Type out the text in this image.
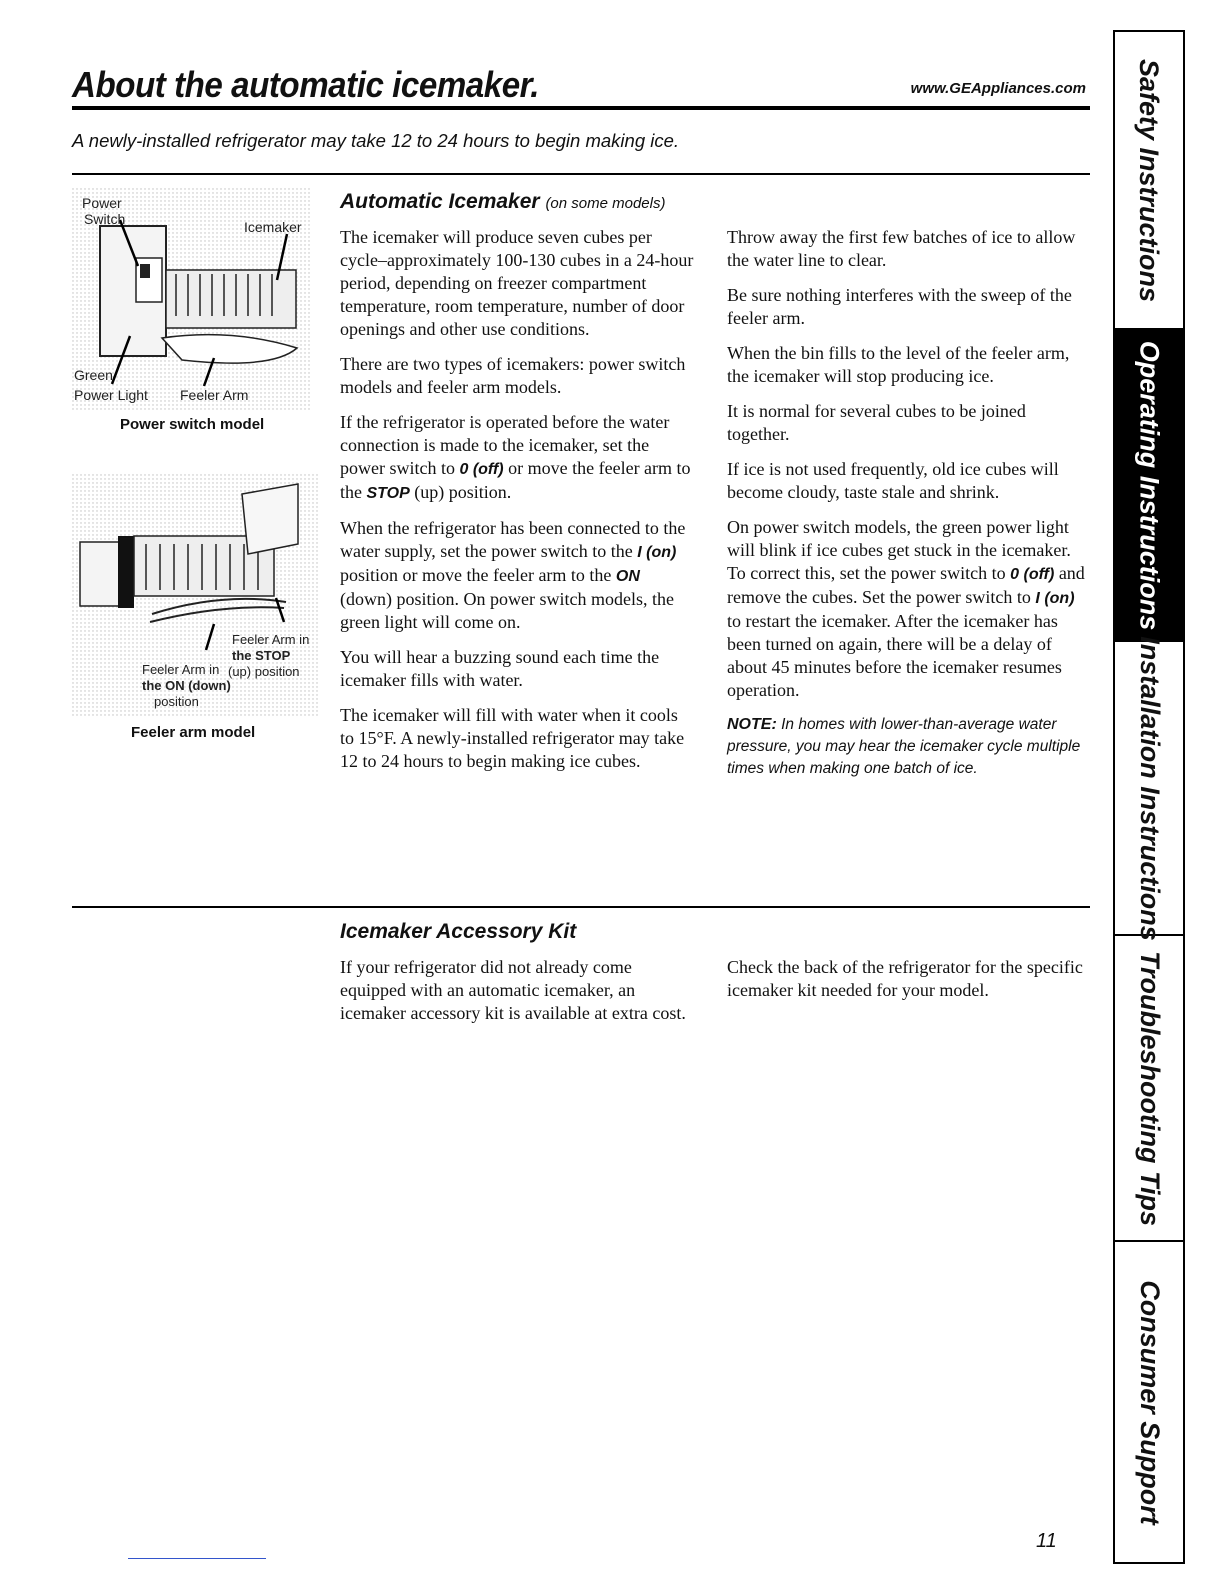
About the automatic icemaker.	www.GEAppliances.com
A newly-installed refrigerator may take 12 to 24 hours to begin making ice.
Power
Switch	Icemaker
Green
Power Light Feeler Arm
Power switch model
Feeler Arm in
the STOP
(up) position
Feeler Arm in
the ON (down)
position
Feeler arm model
Automatic Icemaker (on some models)

The icemaker will produce seven cubes per cycle–approximately 100-130 cubes in a 24-hour period, depending on freezer compartment temperature, room temperature, number of door openings and other use conditions.

There are two types of icemakers: power switch models and feeler arm models.

If the refrigerator is operated before the water connection is made to the icemaker, set the power switch to 0 (off) or move the feeler arm to the STOP (up) position.

When the refrigerator has been connected to the water supply, set the power switch to the I (on) position or move the feeler arm to the ON (down) position. On power switch models, the green light will come on.

You will hear a buzzing sound each time the icemaker fills with water.

The icemaker will fill with water when it cools to 15°F. A newly-installed refrigerator may take 12 to 24 hours to begin making ice cubes.

Throw away the first few batches of ice to allow the water line to clear.

Be sure nothing interferes with the sweep of the feeler arm.

When the bin fills to the level of the feeler arm, the icemaker will stop producing ice.

It is normal for several cubes to be joined together.

If ice is not used frequently, old ice cubes will become cloudy, taste stale and shrink.

On power switch models, the green power light will blink if ice cubes get stuck in the icemaker. To correct this, set the power switch to 0 (off) and remove the cubes. Set the power switch to I (on) to restart the icemaker. After the icemaker has been turned on again, there will be a delay of about 45 minutes before the icemaker resumes operation.

NOTE: In homes with lower-than-average water pressure, you may hear the icemaker cycle multiple times when making one batch of ice.

Icemaker Accessory Kit

If your refrigerator did not already come equipped with an automatic icemaker, an icemaker accessory kit is available at extra cost.

Check the back of the refrigerator for the specific icemaker kit needed for your model.

Safety Instructions
Operating Instructions
Installation Instructions
Troubleshooting Tips
Consumer Support
11
